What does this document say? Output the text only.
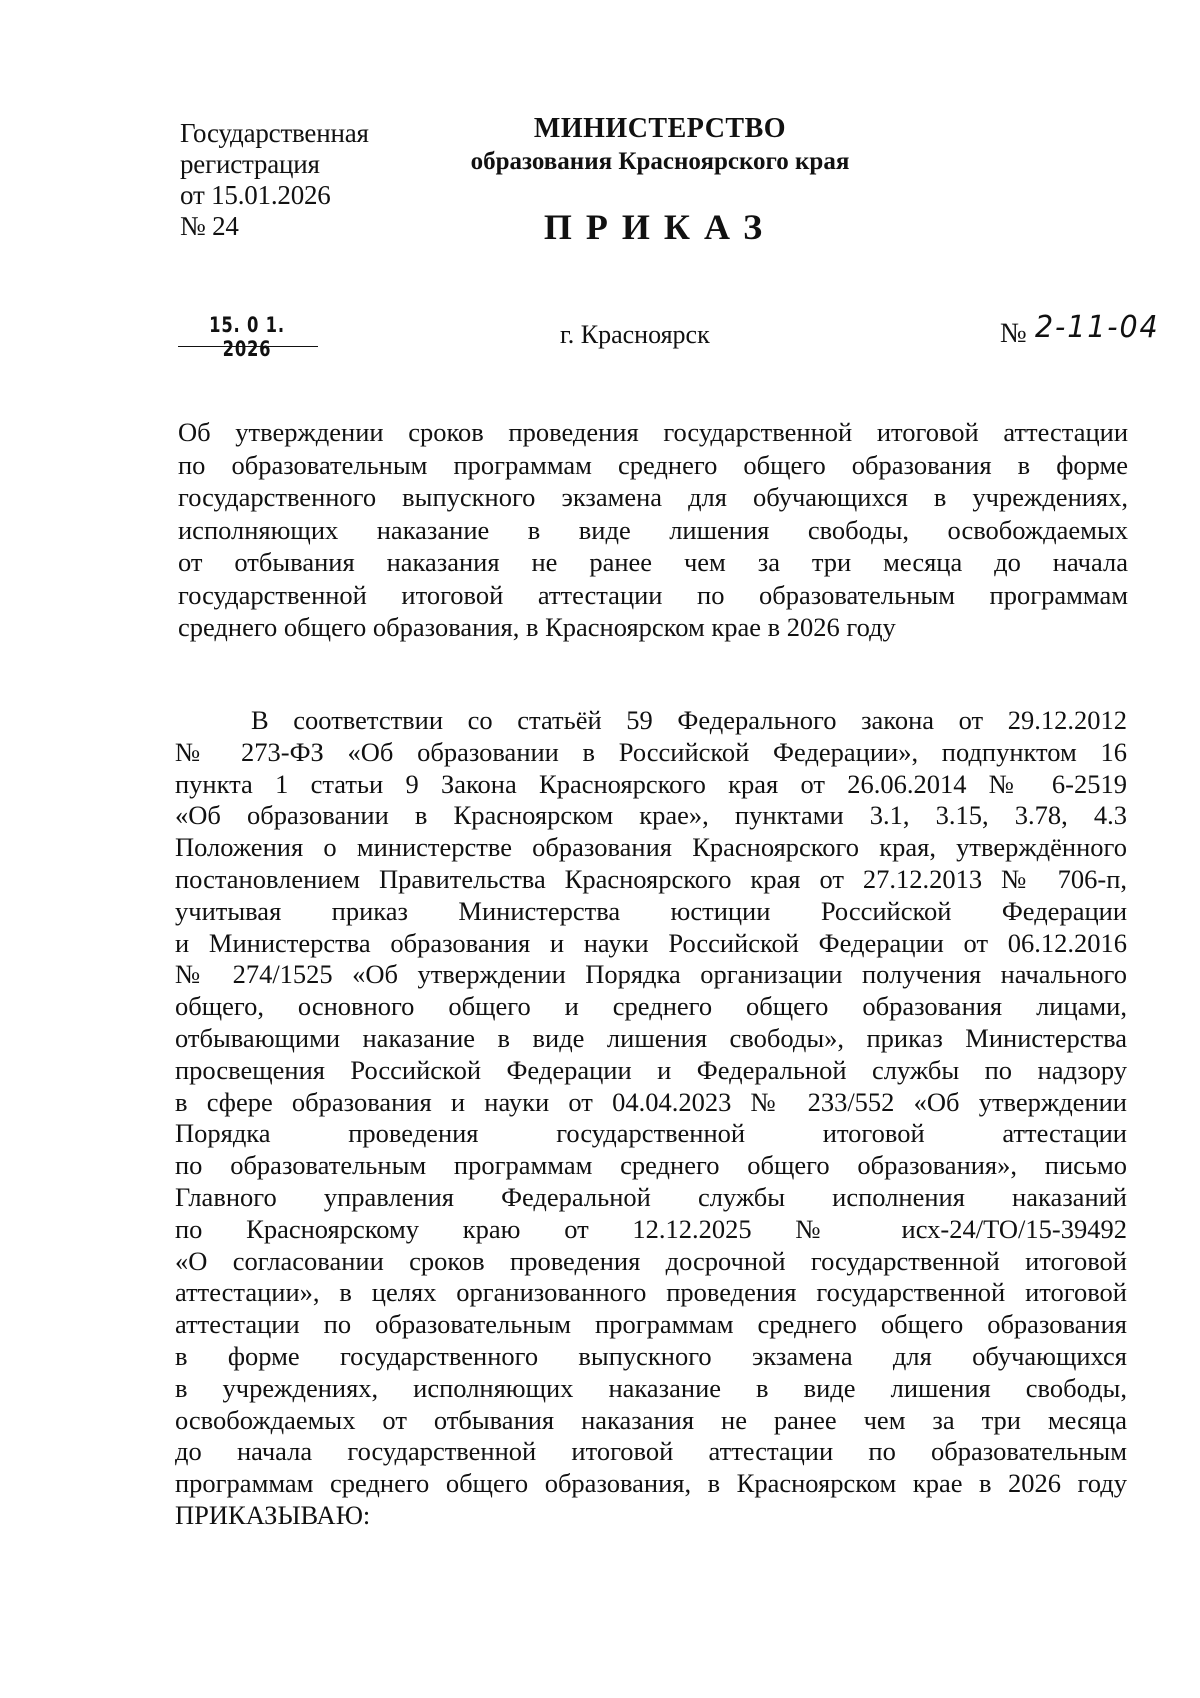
Государственная
регистрация
от 15.01.2026
№ 24
МИНИСТЕРСТВО
образования Красноярского края
ПРИКАЗ
15. 0 1. 2026	г. Красноярск	№ 2-11-04
Об утверждении сроков проведения государственной итоговой аттестации
по образовательным программам среднего общего образования в форме
государственного выпускного экзамена для обучающихся в учреждениях,
исполняющих наказание в виде лишения свободы, освобождаемых
от отбывания наказания не ранее чем за три месяца до начала
государственной итоговой аттестации по образовательным программам
среднего общего образования, в Красноярском крае в 2026 году
В соответствии со статьёй 59 Федерального закона от 29.12.2012
№ 273-ФЗ «Об образовании в Российской Федерации», подпунктом 16
пункта 1 статьи 9 Закона Красноярского края от 26.06.2014 № 6-2519
«Об образовании в Красноярском крае», пунктами 3.1, 3.15, 3.78, 4.3
Положения о министерстве образования Красноярского края, утверждённого
постановлением Правительства Красноярского края от 27.12.2013 № 706-п,
учитывая приказ Министерства юстиции Российской Федерации
и Министерства образования и науки Российской Федерации от 06.12.2016
№ 274/1525 «Об утверждении Порядка организации получения начального
общего, основного общего и среднего общего образования лицами,
отбывающими наказание в виде лишения свободы», приказ Министерства
просвещения Российской Федерации и Федеральной службы по надзору
в сфере образования и науки от 04.04.2023 № 233/552 «Об утверждении
Порядка проведения государственной итоговой аттестации
по образовательным программам среднего общего образования», письмо
Главного управления Федеральной службы исполнения наказаний
по Красноярскому краю от 12.12.2025 № исх-24/ТО/15-39492
«О согласовании сроков проведения досрочной государственной итоговой
аттестации», в целях организованного проведения государственной итоговой
аттестации по образовательным программам среднего общего образования
в форме государственного выпускного экзамена для обучающихся
в учреждениях, исполняющих наказание в виде лишения свободы,
освобождаемых от отбывания наказания не ранее чем за три месяца
до начала государственной итоговой аттестации по образовательным
программам среднего общего образования, в Красноярском крае в 2026 году
ПРИКАЗЫВАЮ:
